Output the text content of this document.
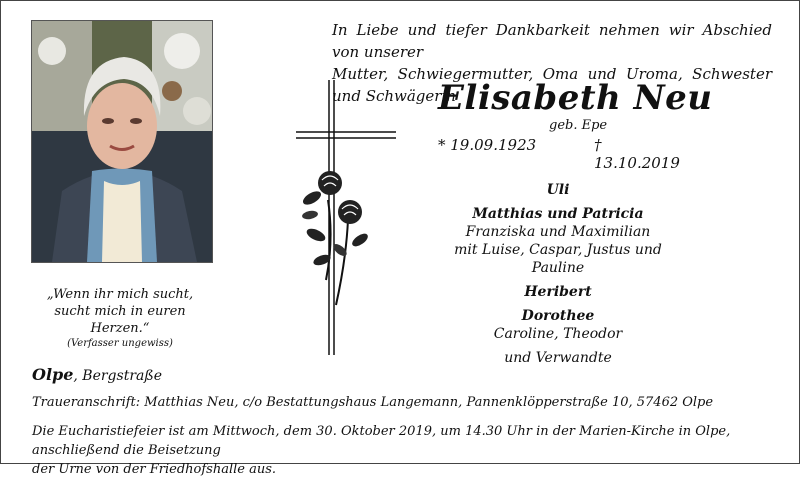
„Wenn ihr mich sucht,
sucht mich in euren Herzen.“
(Verfasser ungewiss)
In Liebe und tiefer Dankbarkeit nehmen wir Abschied von unserer
Mutter, Schwiegermutter, Oma und Uroma, Schwester und Schwägerin
Elisabeth Neu
geb. Epe
* 19.09.1923	† 13.10.2019
Uli
Matthias und Patricia
Franziska und Maximilian
mit Luise, Caspar, Justus und Pauline
Heribert
Dorothee
Caroline, Theodor
und Verwandte
Olpe, Bergstraße
Traueranschrift: Matthias Neu, c/o Bestattungshaus Langemann, Pannenklöpperstraße 10, 57462 Olpe
Die Eucharistiefeier ist am Mittwoch, dem 30. Oktober 2019, um 14.30 Uhr in der Marien-Kirche in Olpe, anschließend die Beisetzung
der Urne von der Friedhofshalle aus.
